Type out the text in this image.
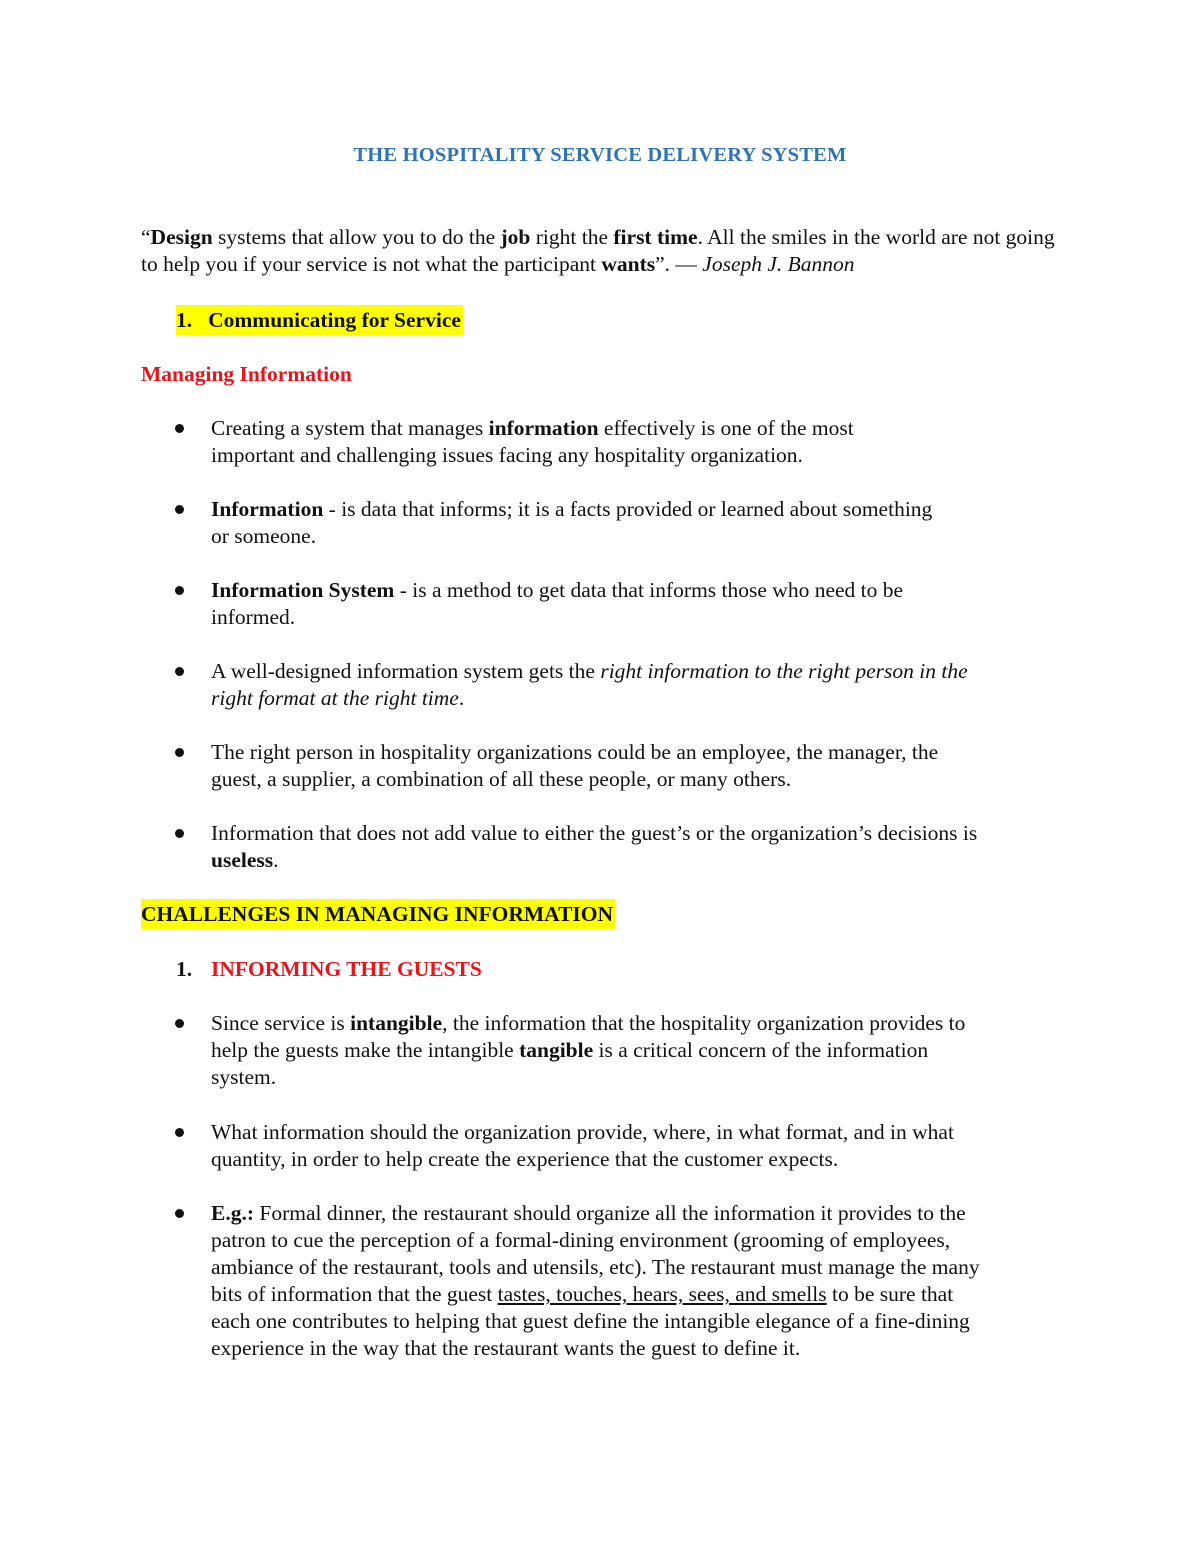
THE HOSPITALITY SERVICE DELIVERY SYSTEM
“Design systems that allow you to do the job right the first time. All the smiles in the world are not going to help you if your service is not what the participant wants”. — Joseph J. Bannon
1. Communicating for Service
Managing Information
Creating a system that manages information effectively is one of the most
important and challenging issues facing any hospitality organization.
Information - is data that informs; it is a facts provided or learned about something
or someone.
Information System - is a method to get data that informs those who need to be
informed.
A well-designed information system gets the right information to the right person in the
right format at the right time.
The right person in hospitality organizations could be an employee, the manager, the
guest, a supplier, a combination of all these people, or many others.
Information that does not add value to either the guest’s or the organization’s decisions is
useless.
CHALLENGES IN MANAGING INFORMATION
1. INFORMING THE GUESTS
Since service is intangible, the information that the hospitality organization provides to
help the guests make the intangible tangible is a critical concern of the information
system.
What information should the organization provide, where, in what format, and in what
quantity, in order to help create the experience that the customer expects.
E.g.: Formal dinner, the restaurant should organize all the information it provides to the
patron to cue the perception of a formal-dining environment (grooming of employees,
ambiance of the restaurant, tools and utensils, etc). The restaurant must manage the many
bits of information that the guest tastes, touches, hears, sees, and smells to be sure that
each one contributes to helping that guest define the intangible elegance of a fine-dining
experience in the way that the restaurant wants the guest to define it.
